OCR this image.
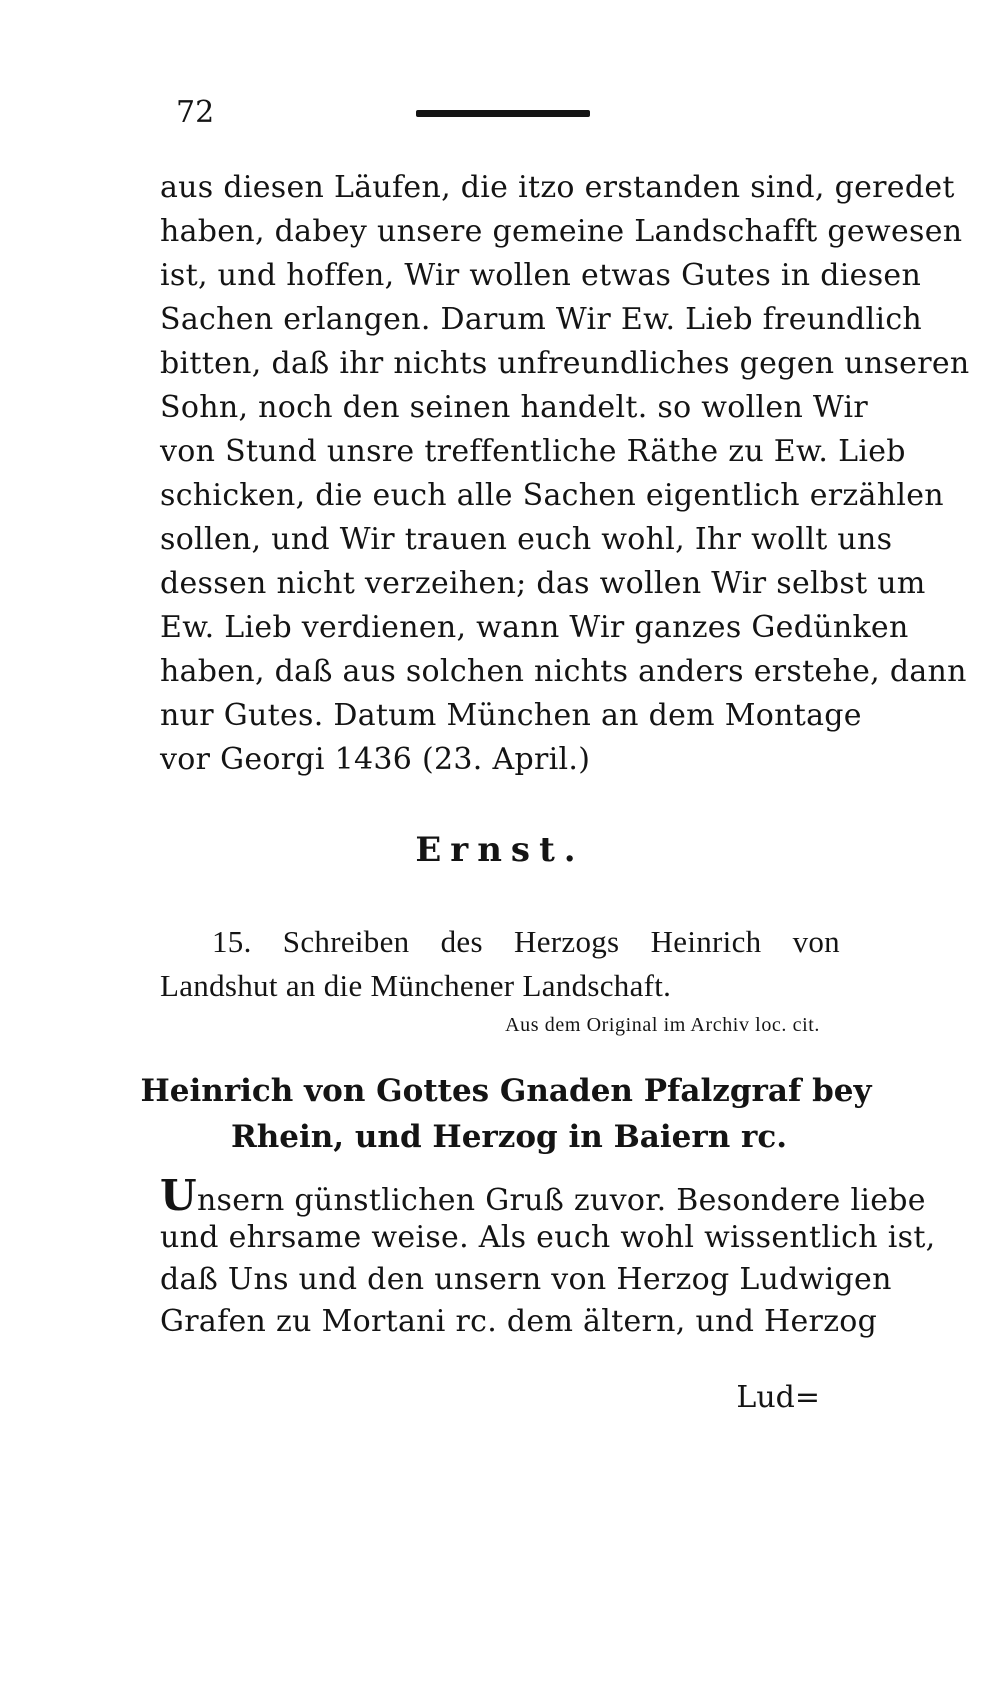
72
aus diesen Läufen, die itzo erstanden sind, geredet
haben, dabey unsere gemeine Landschafft gewesen
ist, und hoffen, Wir wollen etwas Gutes in diesen
Sachen erlangen. Darum Wir Ew. Lieb freundlich
bitten, daß ihr nichts unfreundliches gegen unseren
Sohn, noch den seinen handelt. so wollen Wir
von Stund unsre treffentliche Räthe zu Ew. Lieb
schicken, die euch alle Sachen eigentlich erzählen
sollen, und Wir trauen euch wohl, Ihr wollt uns
dessen nicht verzeihen; das wollen Wir selbst um
Ew. Lieb verdienen, wann Wir ganzes Gedünken
haben, daß aus solchen nichts anders erstehe, dann
nur Gutes. Datum München an dem Montage
vor Georgi 1436 (23. April.)
Ernst.
15. Schreiben des Herzogs Heinrich von
Landshut an die Münchener Landschaft.
Aus dem Original im Archiv loc. cit.
Heinrich von Gottes Gnaden Pfalzgraf bey
Rhein, und Herzog in Baiern rc.
Unsern günstlichen Gruß zuvor. Besondere liebe
und ehrsame weise. Als euch wohl wissentlich ist,
daß Uns und den unsern von Herzog Ludwigen
Grafen zu Mortani rc. dem ältern, und Herzog
Lud=
